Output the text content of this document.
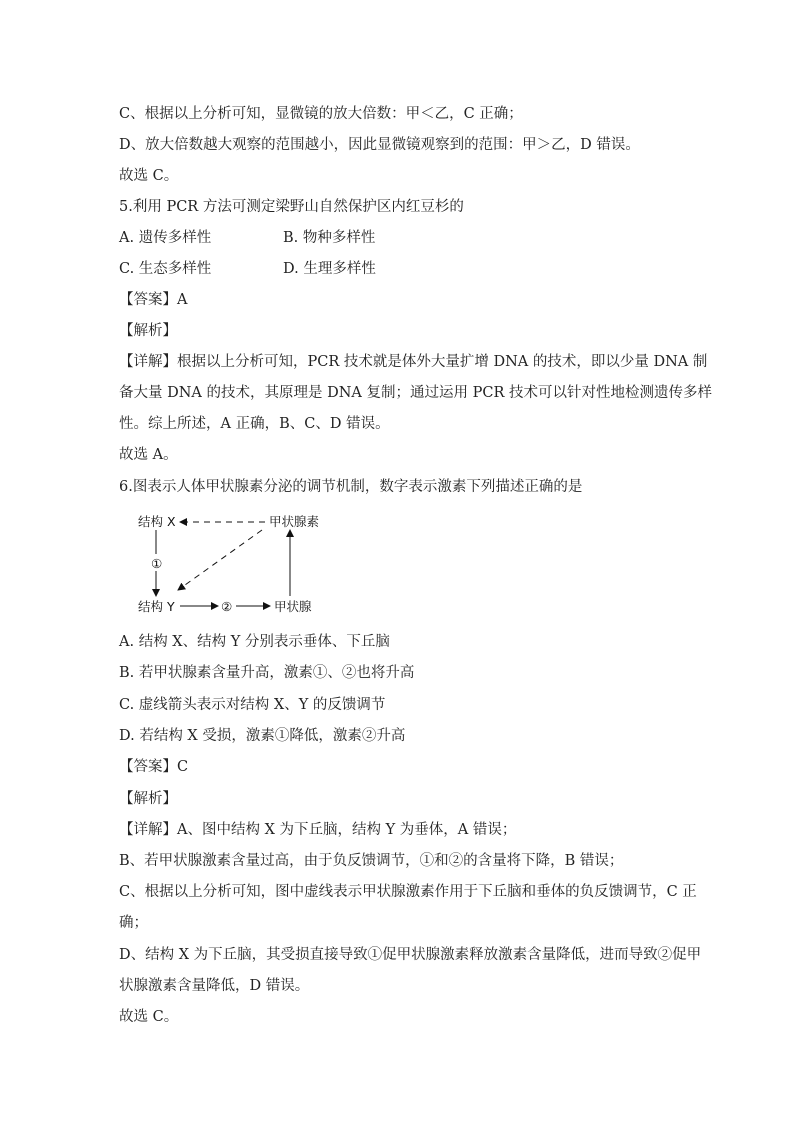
C、根据以上分析可知，显微镜的放大倍数：甲＜乙，C 正确；
D、放大倍数越大观察的范围越小，因此显微镜观察到的范围：甲＞乙，D 错误。
故选 C。
5.利用 PCR 方法可测定梁野山自然保护区内红豆杉的
A. 遗传多样性	B. 物种多样性
C. 生态多样性	D. 生理多样性
【答案】A
【解析】
【详解】根据以上分析可知，PCR 技术就是体外大量扩增 DNA 的技术，即以少量 DNA 制
备大量 DNA 的技术，其原理是 DNA 复制；通过运用 PCR 技术可以针对性地检测遗传多样
性。综上所述，A 正确，B、C、D 错误。
故选 A。
6.图表示人体甲状腺素分泌的调节机制，数字表示激素下列描述正确的是
结构 X	甲状腺素
结构 Y	甲状腺
①
②
A. 结构 X、结构 Y 分别表示垂体、下丘脑
B. 若甲状腺素含量升高，激素①、②也将升高
C. 虚线箭头表示对结构 X、Y 的反馈调节
D. 若结构 X 受损，激素①降低，激素②升高
【答案】C
【解析】
【详解】A、图中结构 X 为下丘脑，结构 Y 为垂体，A 错误；
B、若甲状腺激素含量过高，由于负反馈调节，①和②的含量将下降，B 错误；
C、根据以上分析可知，图中虚线表示甲状腺激素作用于下丘脑和垂体的负反馈调节，C 正
确；
D、结构 X 为下丘脑，其受损直接导致①促甲状腺激素释放激素含量降低，进而导致②促甲
状腺激素含量降低，D 错误。
故选 C。
